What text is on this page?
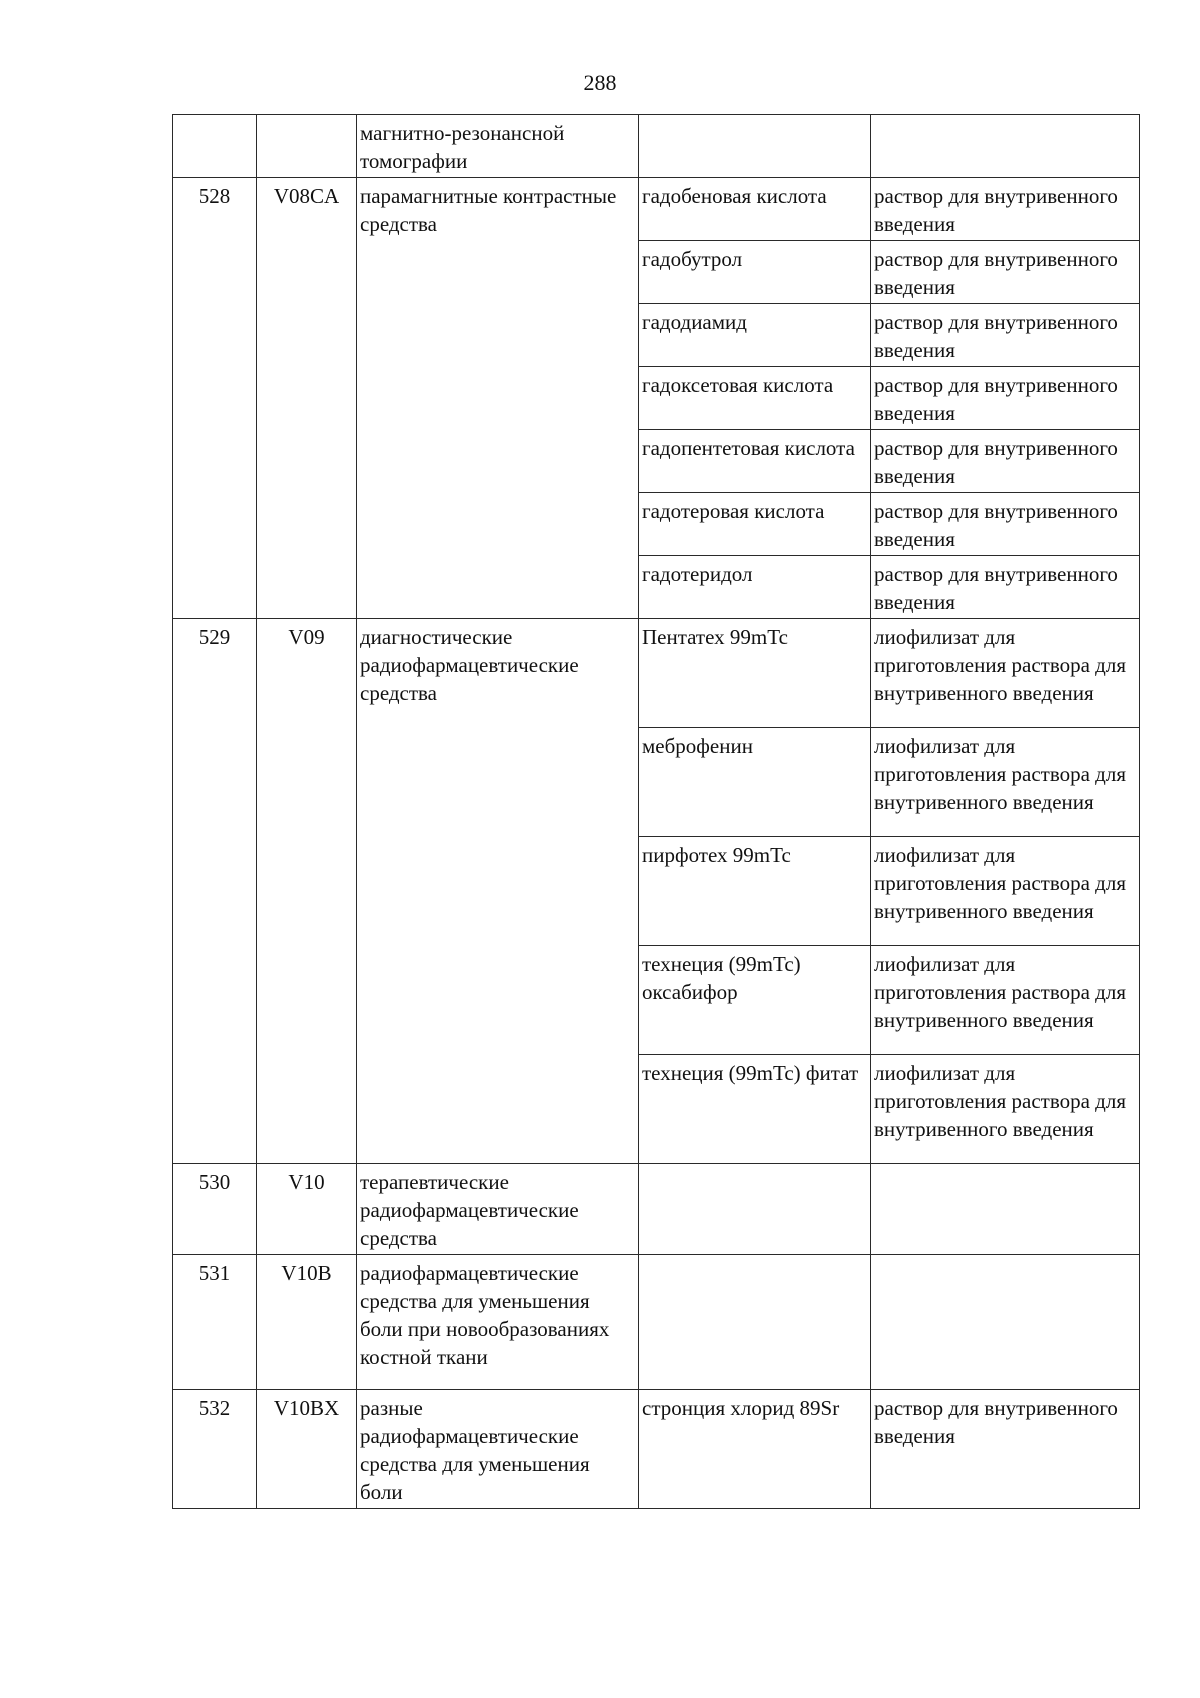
288
		магнитно-резонансной томографии		
528	V08CA	парамагнитные контрастные средства	гадобеновая кислота	раствор для внутривенного введения
			гадобутрол	раствор для внутривенного введения
			гадодиамид	раствор для внутривенного введения
			гадоксетовая кислота	раствор для внутривенного введения
			гадопентетовая кислота	раствор для внутривенного введения
			гадотеровая кислота	раствор для внутривенного введения
			гадотеридол	раствор для внутривенного введения
529	V09	диагностические радиофармацевтические средства	Пентатех 99mTc	лиофилизат для приготовления раствора для внутривенного введения
			меброфенин	лиофилизат для приготовления раствора для внутривенного введения
			пирфотех 99mTc	лиофилизат для приготовления раствора для внутривенного введения
			технеция (99mTc) оксабифор	лиофилизат для приготовления раствора для внутривенного введения
			технеция (99mTc) фитат	лиофилизат для приготовления раствора для внутривенного введения
530	V10	терапевтические радиофармацевтические средства		
531	V10B	радиофармацевтические средства для уменьшения боли при новообразованиях костной ткани		
532	V10BX	разные радиофармацевтические средства для уменьшения боли	стронция хлорид 89Sr	раствор для внутривенного введения
